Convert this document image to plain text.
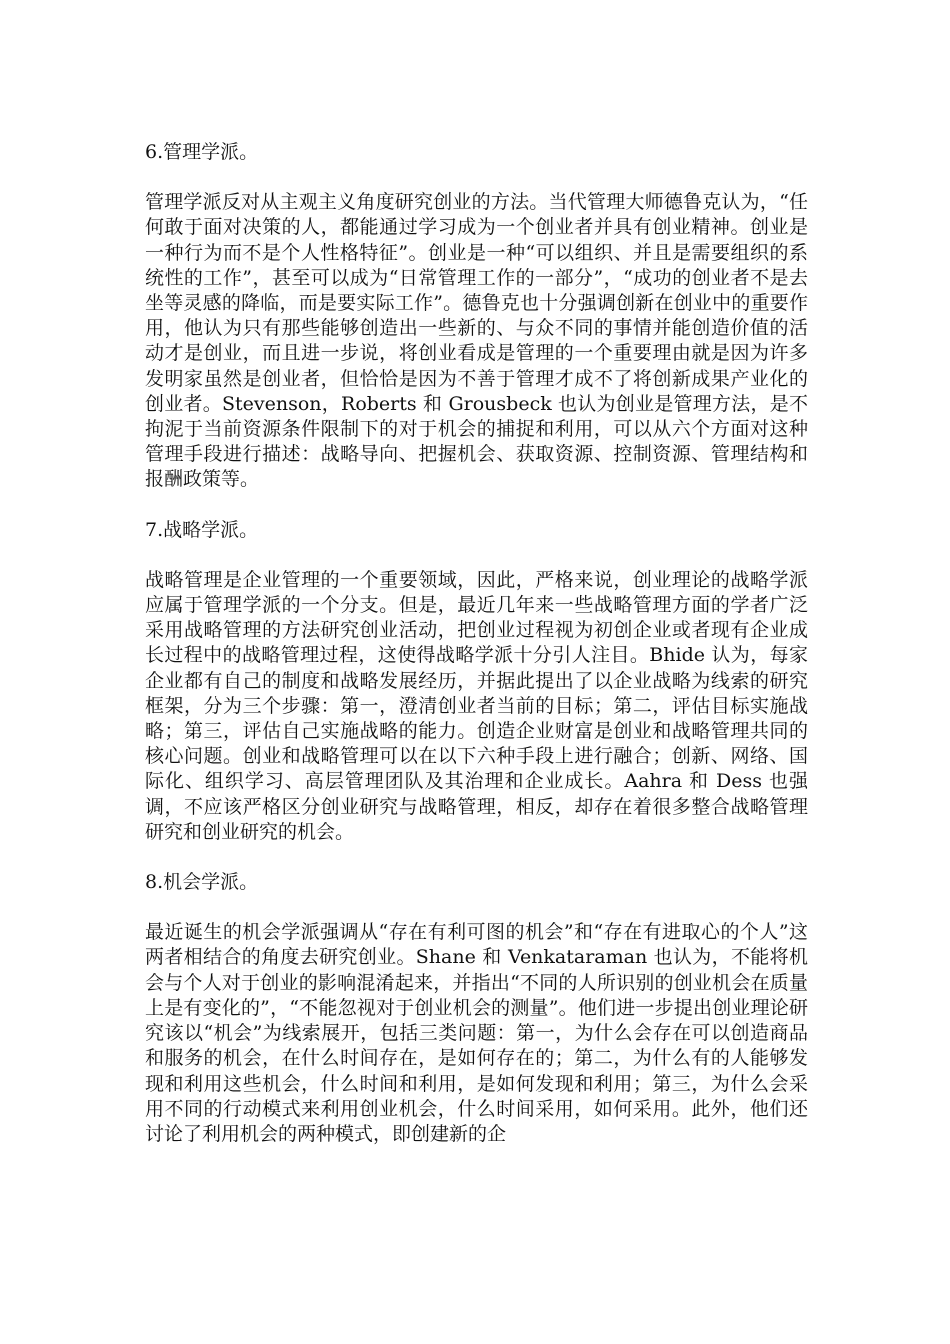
6.管理学派。
管理学派反对从主观主义角度研究创业的方法。当代管理大师德鲁克认为，“任何敢于面对决策的人，都能通过学习成为一个创业者并具有创业精神。创业是一种行为而不是个人性格特征”。创业是一种“可以组织、并且是需要组织的系统性的工作”，甚至可以成为“日常管理工作的一部分”，“成功的创业者不是去坐等灵感的降临，而是要实际工作”。德鲁克也十分强调创新在创业中的重要作用，他认为只有那些能够创造出一些新的、与众不同的事情并能创造价值的活动才是创业，而且进一步说，将创业看成是管理的一个重要理由就是因为许多发明家虽然是创业者，但恰恰是因为不善于管理才成不了将创新成果产业化的创业者。Stevenson，Roberts 和 Grousbeck 也认为创业是管理方法，是不拘泥于当前资源条件限制下的对于机会的捕捉和利用，可以从六个方面对这种管理手段进行描述：战略导向、把握机会、获取资源、控制资源、管理结构和报酬政策等。
7.战略学派。
战略管理是企业管理的一个重要领域，因此，严格来说，创业理论的战略学派应属于管理学派的一个分支。但是，最近几年来一些战略管理方面的学者广泛采用战略管理的方法研究创业活动，把创业过程视为初创企业或者现有企业成长过程中的战略管理过程，这使得战略学派十分引人注目。Bhide 认为，每家企业都有自己的制度和战略发展经历，并据此提出了以企业战略为线索的研究框架，分为三个步骤：第一，澄清创业者当前的目标；第二，评估目标实施战略；第三，评估自己实施战略的能力。创造企业财富是创业和战略管理共同的核心问题。创业和战略管理可以在以下六种手段上进行融合；创新、网络、国际化、组织学习、高层管理团队及其治理和企业成长。Aahra 和 Dess 也强调，不应该严格区分创业研究与战略管理，相反，却存在着很多整合战略管理研究和创业研究的机会。
8.机会学派。
最近诞生的机会学派强调从“存在有利可图的机会”和“存在有进取心的个人”这两者相结合的角度去研究创业。Shane 和 Venkataraman 也认为，不能将机会与个人对于创业的影响混淆起来，并指出“不同的人所识别的创业机会在质量上是有变化的”，“不能忽视对于创业机会的测量”。他们进一步提出创业理论研究该以“机会”为线索展开，包括三类问题：第一，为什么会存在可以创造商品和服务的机会，在什么时间存在，是如何存在的；第二，为什么有的人能够发现和利用这些机会，什么时间和利用，是如何发现和利用；第三，为什么会采用不同的行动模式来利用创业机会，什么时间采用，如何采用。此外，他们还讨论了利用机会的两种模式，即创建新的企
